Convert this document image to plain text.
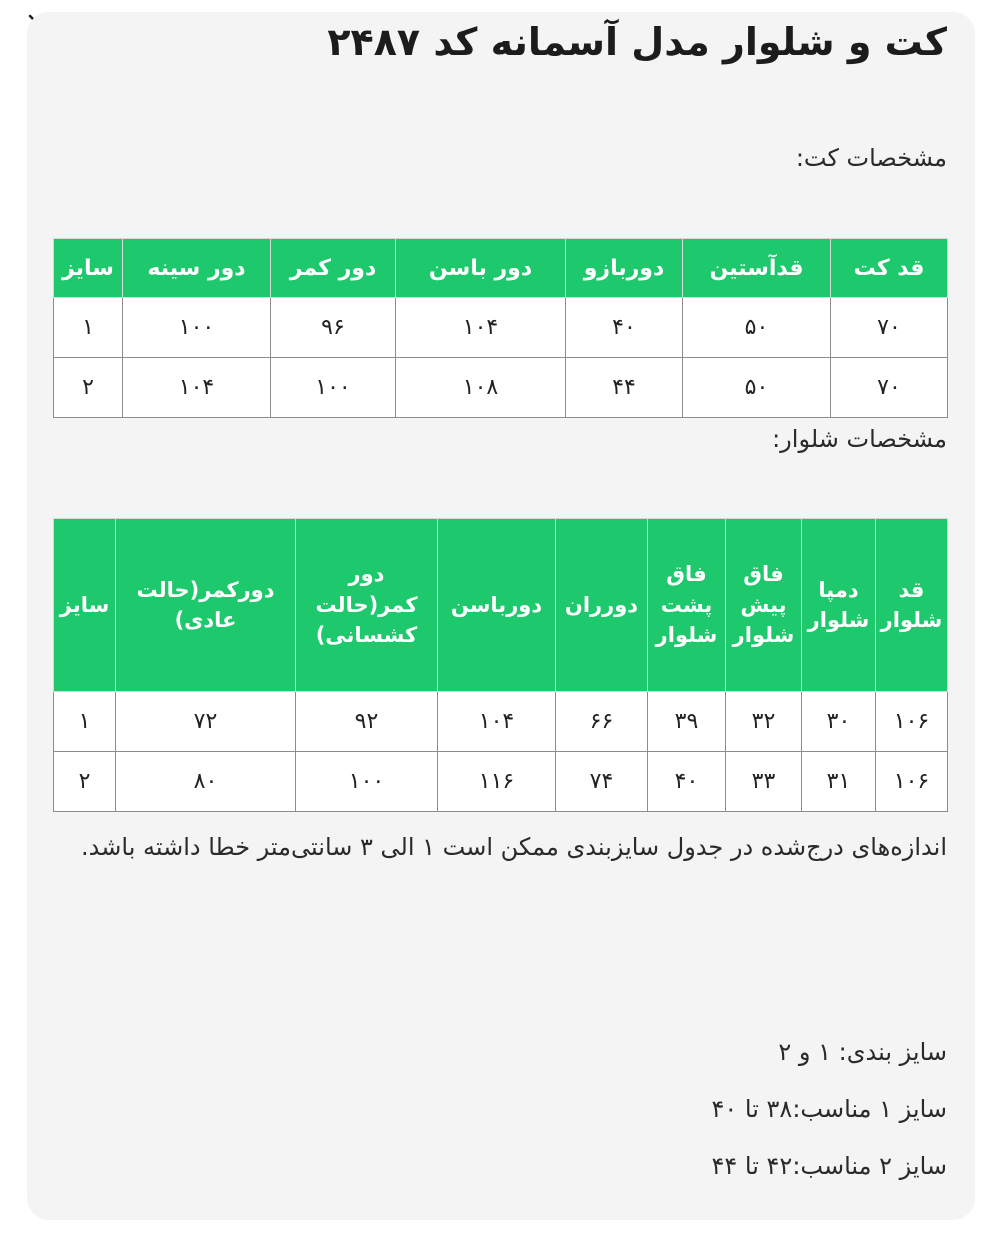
کت و شلوار مدل آسمانه کد ۲۴۸۷
مشخصات کت:
قد کت	قدآستین	دوربازو	دور باسن	دور کمر	دور سینه	سایز
۷۰	۵۰	۴۰	۱۰۴	۹۶	۱۰۰	۱
۷۰	۵۰	۴۴	۱۰۸	۱۰۰	۱۰۴	۲
مشخصات شلوار:
قد شلوار	دمپا شلوار	فاق پیش شلوار	فاق پشت شلوار	دورران	دورباسن	دور کمر(حالت کشسانی)	دورکمر(حالت عادی)	سایز
۱۰۶	۳۰	۳۲	۳۹	۶۶	۱۰۴	۹۲	۷۲	۱
۱۰۶	۳۱	۳۳	۴۰	۷۴	۱۱۶	۱۰۰	۸۰	۲
اندازه‌های درج‌شده در جدول سایزبندی ممکن است ۱ الی ۳ سانتی‌متر خطا داشته باشد.
سایز بندی: ۱ و ۲
سایز ۱ مناسب:۳۸ تا ۴۰
سایز ۲ مناسب:۴۲ تا ۴۴
